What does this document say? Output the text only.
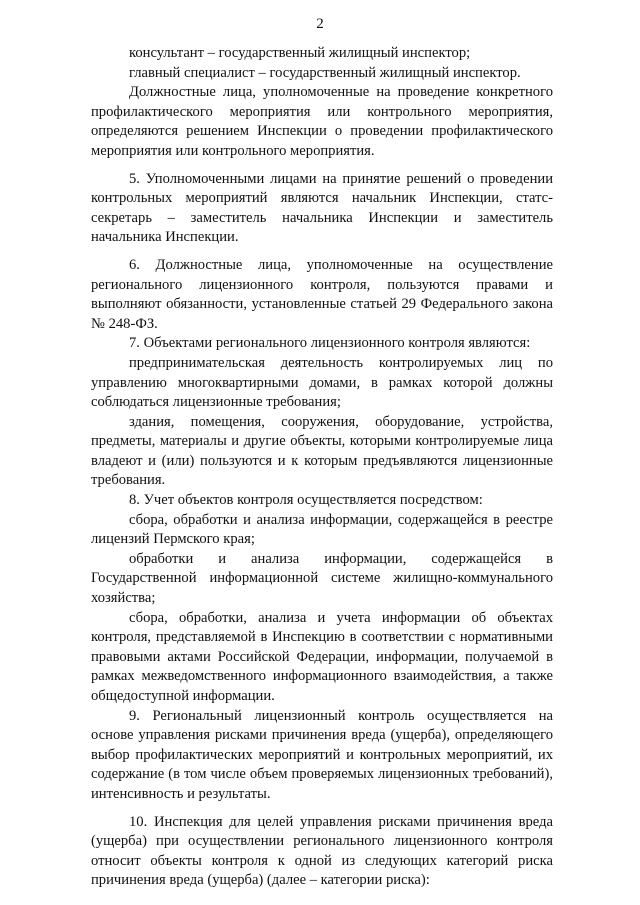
2

консультант – государственный жилищный инспектор;

главный специалист – государственный жилищный инспектор.

Должностные лица, уполномоченные на проведение конкретного профилактического мероприятия или контрольного мероприятия, определяются решением Инспекции о проведении профилактического мероприятия или контрольного мероприятия.

5. Уполномоченными лицами на принятие решений о проведении контрольных мероприятий являются начальник Инспекции, статс-секретарь – заместитель начальника Инспекции и заместитель начальника Инспекции.

6. Должностные лица, уполномоченные на осуществление регионального лицензионного контроля, пользуются правами и выполняют обязанности, установленные статьей 29 Федерального закона № 248-ФЗ.

7. Объектами регионального лицензионного контроля являются:

предпринимательская деятельность контролируемых лиц по управлению многоквартирными домами, в рамках которой должны соблюдаться лицензионные требования;

здания, помещения, сооружения, оборудование, устройства, предметы, материалы и другие объекты, которыми контролируемые лица владеют и (или) пользуются и к которым предъявляются лицензионные требования.

8. Учет объектов контроля осуществляется посредством:

сбора, обработки и анализа информации, содержащейся в реестре лицензий Пермского края;

обработки и анализа информации, содержащейся в Государственной информационной системе жилищно-коммунального хозяйства;

сбора, обработки, анализа и учета информации об объектах контроля, представляемой в Инспекцию в соответствии с нормативными правовыми актами Российской Федерации, информации, получаемой в рамках межведомственного информационного взаимодействия, а также общедоступной информации.

9. Региональный лицензионный контроль осуществляется на основе управления рисками причинения вреда (ущерба), определяющего выбор профилактических мероприятий и контрольных мероприятий, их содержание (в том числе объем проверяемых лицензионных требований), интенсивность и результаты.

10. Инспекция для целей управления рисками причинения вреда (ущерба) при осуществлении регионального лицензионного контроля относит объекты контроля к одной из следующих категорий риска причинения вреда (ущерба) (далее – категории риска):
